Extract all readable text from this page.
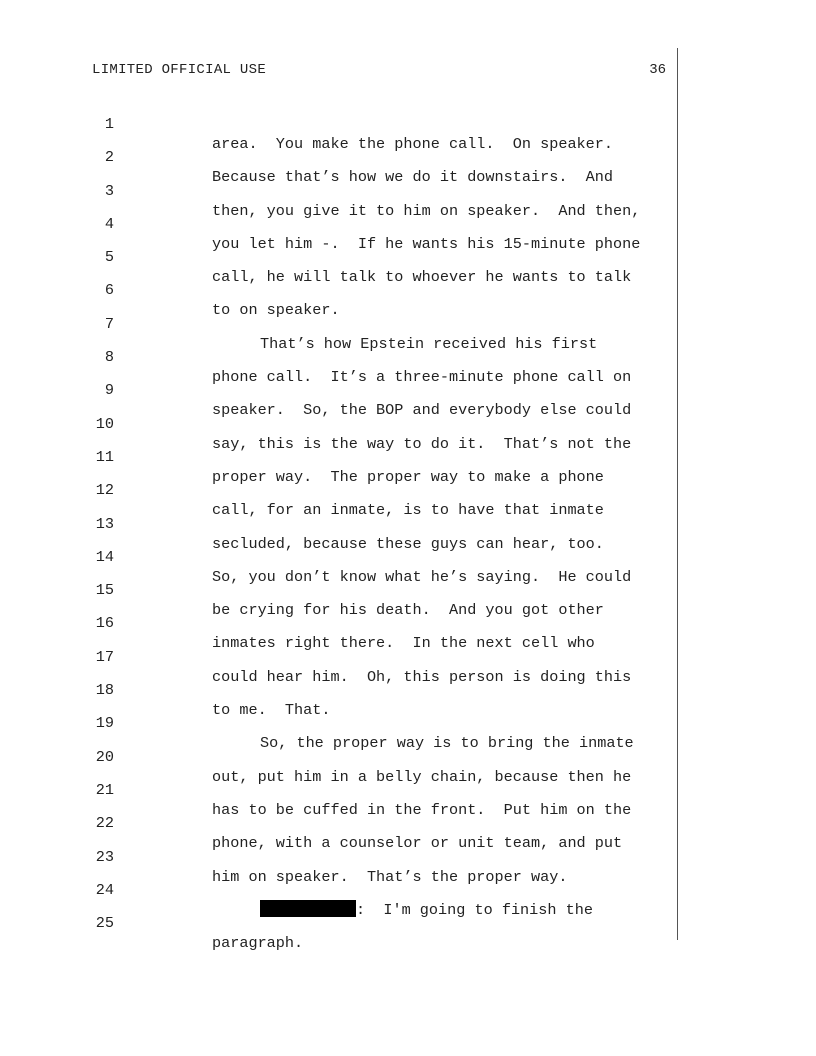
LIMITED OFFICIAL USE	36

1

area.  You make the phone call.  On speaker.

2

Because that’s how we do it downstairs.  And

3

then, you give it to him on speaker.  And then,

4

you let him -.  If he wants his 15-minute phone

5

call, he will talk to whoever he wants to talk

6

to on speaker.

7

That’s how Epstein received his first

8

phone call.  It’s a three-minute phone call on

9

speaker.  So, the BOP and everybody else could

10

say, this is the way to do it.  That’s not the

11

proper way.  The proper way to make a phone

12

call, for an inmate, is to have that inmate

13

secluded, because these guys can hear, too.

14

So, you don’t know what he’s saying.  He could

15

be crying for his death.  And you got other

16

inmates right there.  In the next cell who

17

could hear him.  Oh, this person is doing this

18

to me.  That.

19

So, the proper way is to bring the inmate

20

out, put him in a belly chain, because then he

21

has to be cuffed in the front.  Put him on the

22

phone, with a counselor or unit team, and put

23

him on speaker.  That’s the proper way.

24

:  I'm going to finish the

25

paragraph.
